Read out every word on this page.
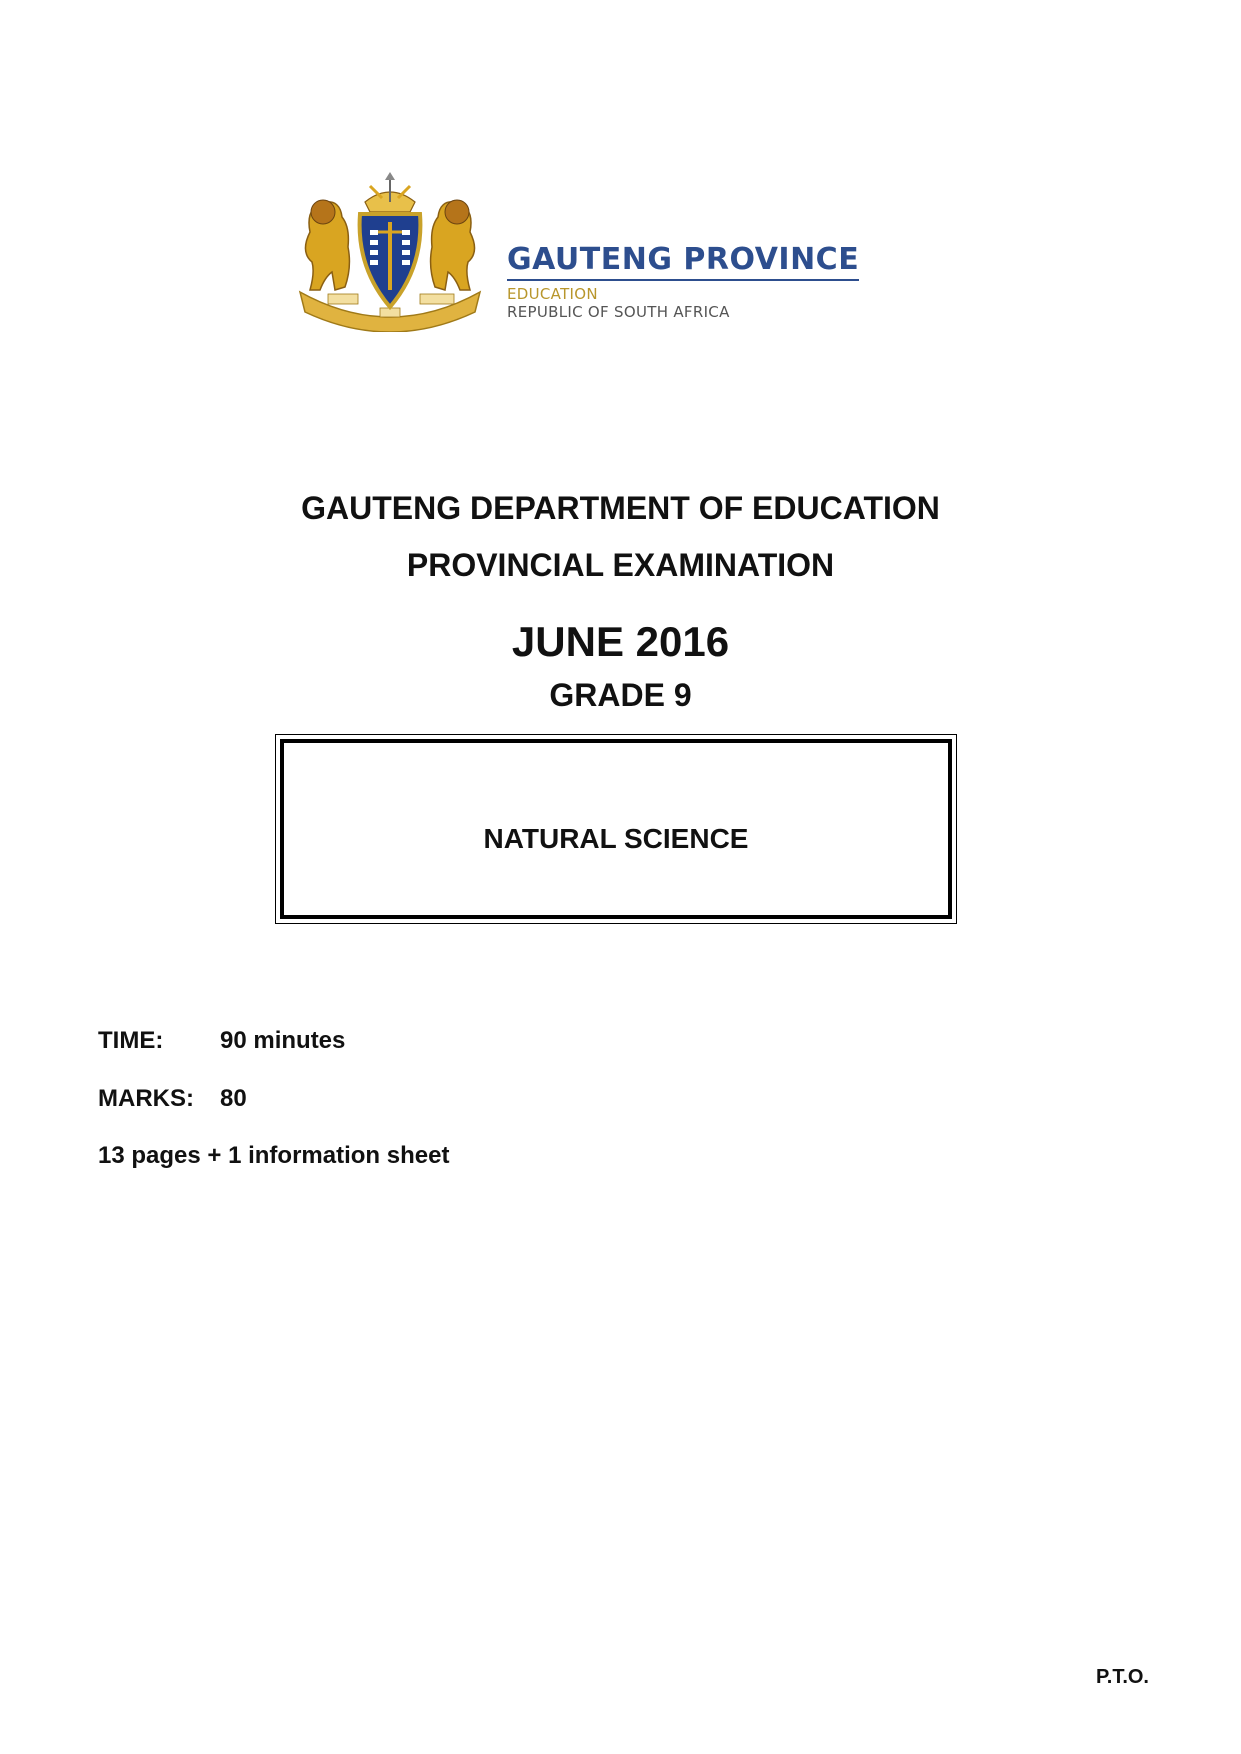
GAUTENG PROVINCE
EDUCATION
REPUBLIC OF SOUTH AFRICA
GAUTENG DEPARTMENT OF EDUCATION
PROVINCIAL EXAMINATION
JUNE 2016
GRADE 9
NATURAL SCIENCE
TIME: 90 minutes
MARKS: 80
13 pages + 1 information sheet
P.T.O.
